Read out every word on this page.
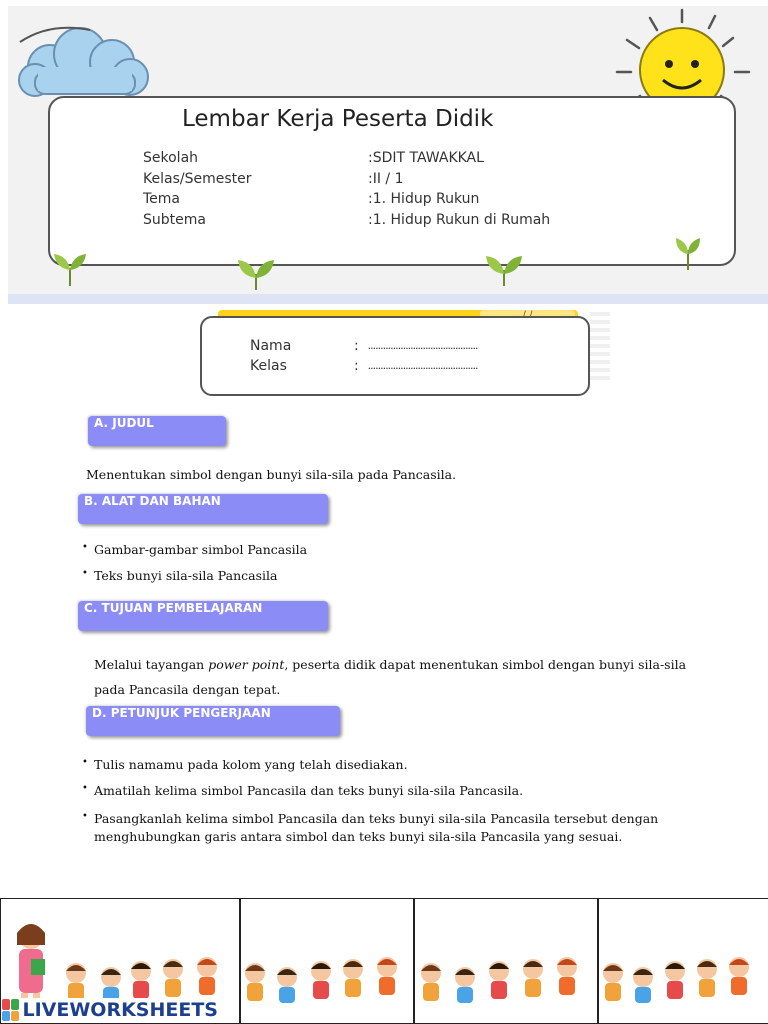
Lembar Kerja Peserta Didik
Sekolah	:SDIT TAWAKKAL
Kelas/Semester	:II / 1
Tema	:1. Hidup Rukun
Subtema	:1. Hidup Rukun di Rumah
Nama	:
............................................
Kelas	:
............................................
A. JUDUL
Menentukan simbol dengan bunyi sila-sila pada Pancasila.
B. ALAT DAN BAHAN
• Gambar-gambar simbol Pancasila
• Teks bunyi sila-sila Pancasila
C. TUJUAN PEMBELAJARAN
Melalui tayangan power point, peserta didik dapat menentukan simbol dengan bunyi sila-sila
pada Pancasila dengan tepat.
D. PETUNJUK PENGERJAAN
• Tulis namamu pada kolom yang telah disediakan.
• Amatilah kelima simbol Pancasila dan teks bunyi sila-sila Pancasila.
• Pasangkanlah kelima simbol Pancasila dan teks bunyi sila-sila Pancasila tersebut dengan
menghubungkan garis antara simbol dan teks bunyi sila-sila Pancasila yang sesuai.
LIVEWORKSHEETS
